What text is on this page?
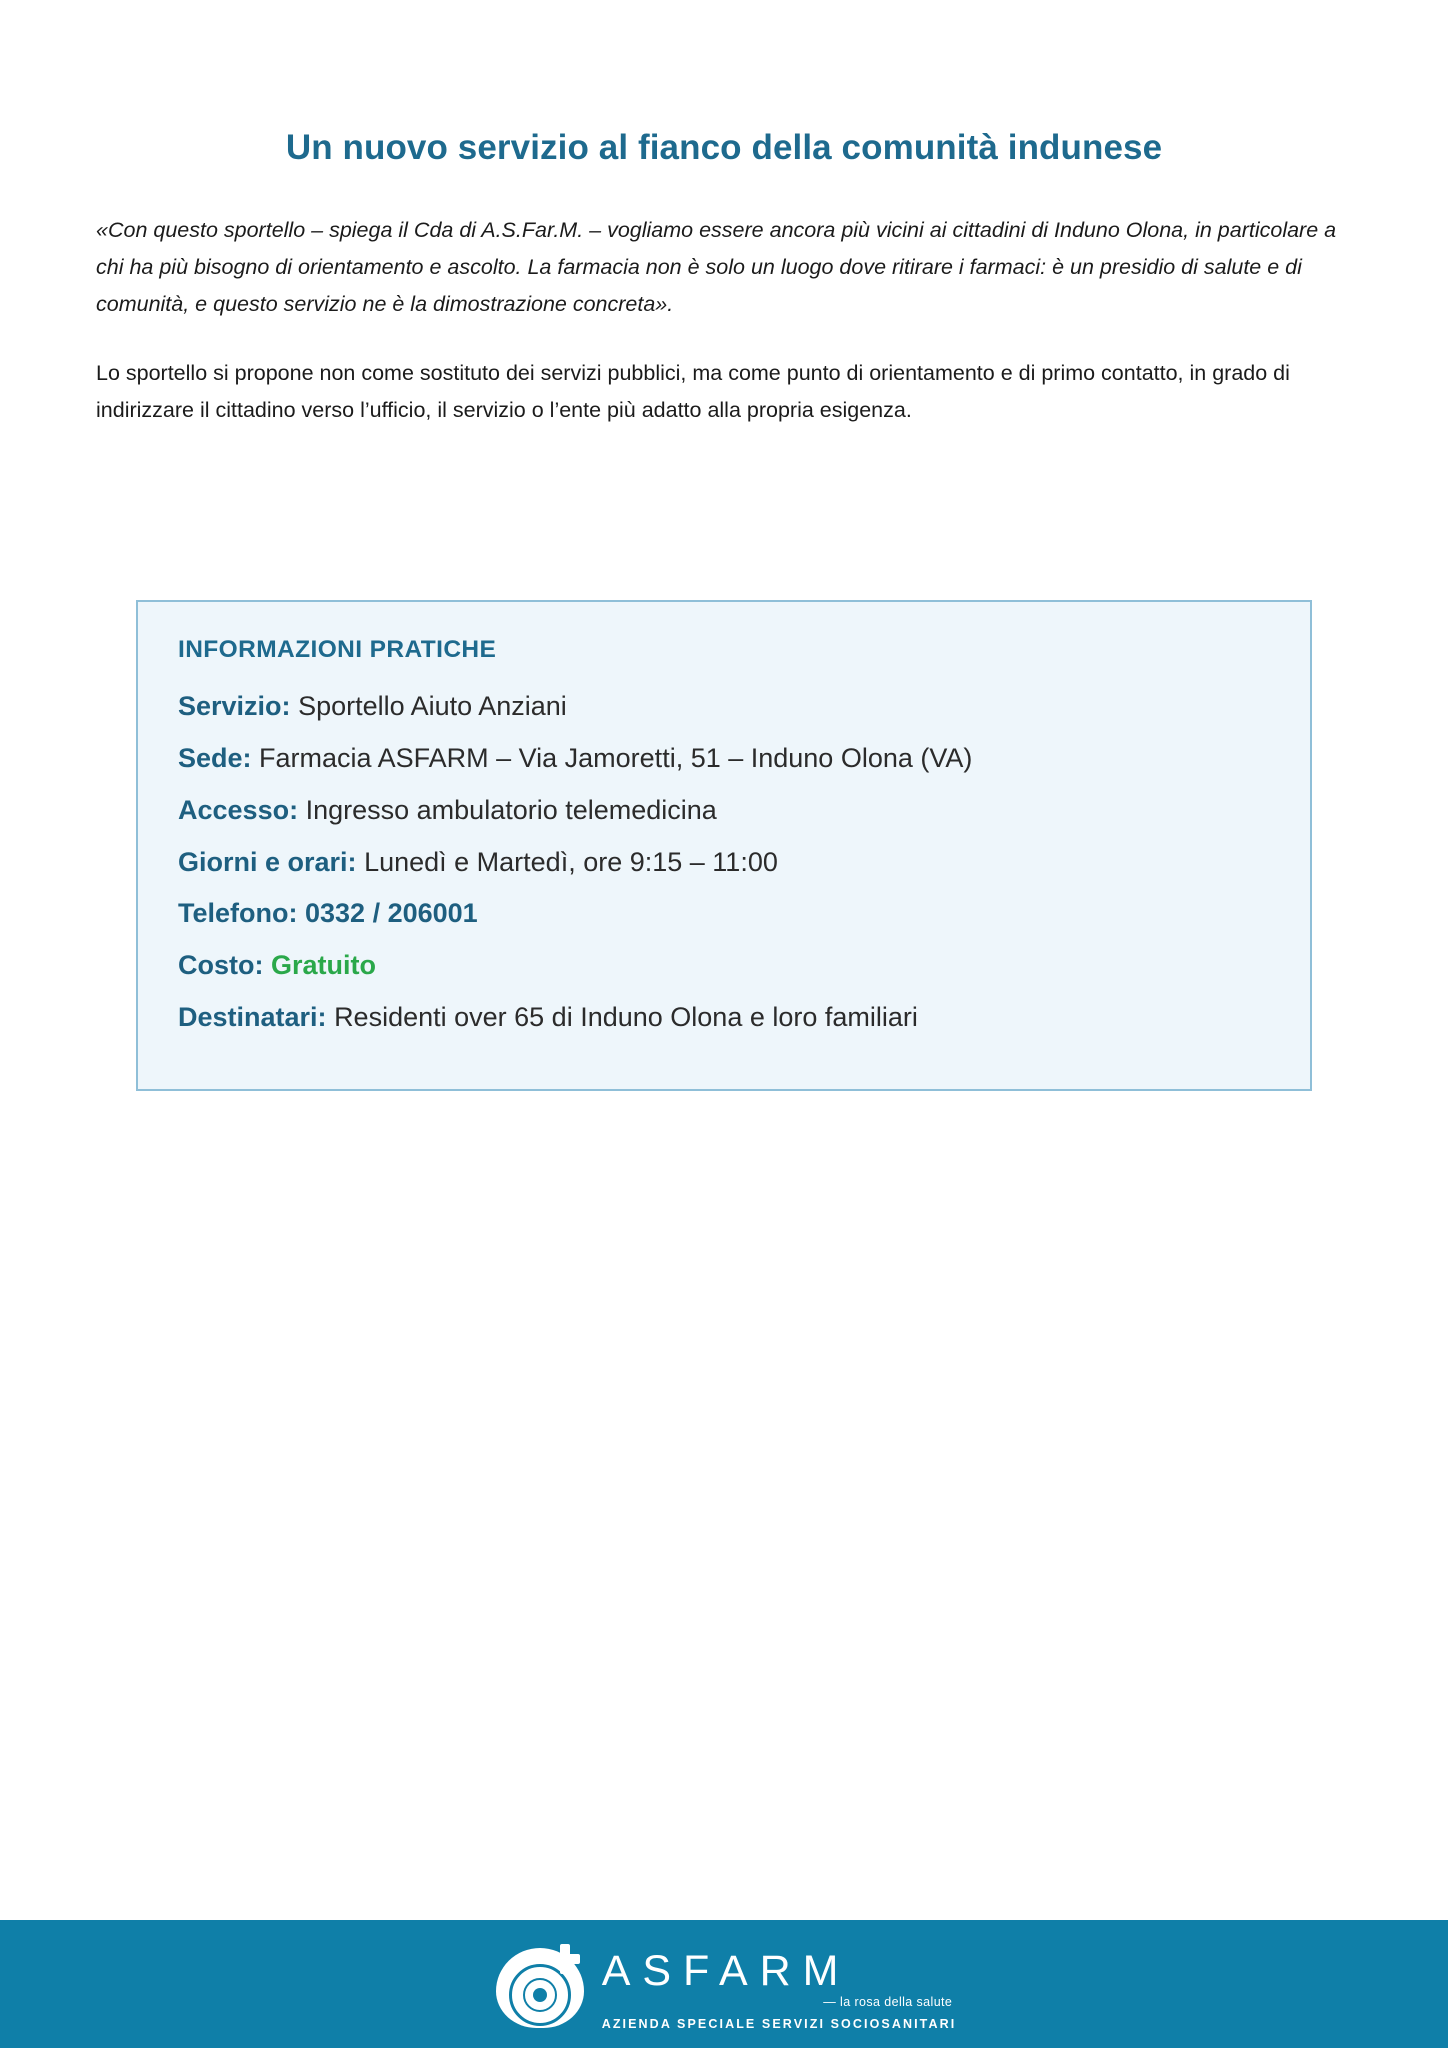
Un nuovo servizio al fianco della comunità indunese

«Con questo sportello – spiega il Cda di A.S.Far.M. – vogliamo essere ancora più vicini ai cittadini di Induno Olona, in particolare a chi ha più bisogno di orientamento e ascolto. La farmacia non è solo un luogo dove ritirare i farmaci: è un presidio di salute e di comunità, e questo servizio ne è la dimostrazione concreta».

Lo sportello si propone non come sostituto dei servizi pubblici, ma come punto di orientamento e di primo contatto, in grado di indirizzare il cittadino verso l’ufficio, il servizio o l’ente più adatto alla propria esigenza.

INFORMAZIONI PRATICHE
Servizio: Sportello Aiuto Anziani
Sede: Farmacia ASFARM – Via Jamoretti, 51 – Induno Olona (VA)
Accesso: Ingresso ambulatorio telemedicina
Giorni e orari: Lunedì e Martedì, ore 9:15 – 11:00
Telefono: 0332 / 206001
Costo: Gratuito
Destinatari: Residenti over 65 di Induno Olona e loro familiari
ASFARM
— la rosa della salute
AZIENDA SPECIALE SERVIZI SOCIOSANITARI
